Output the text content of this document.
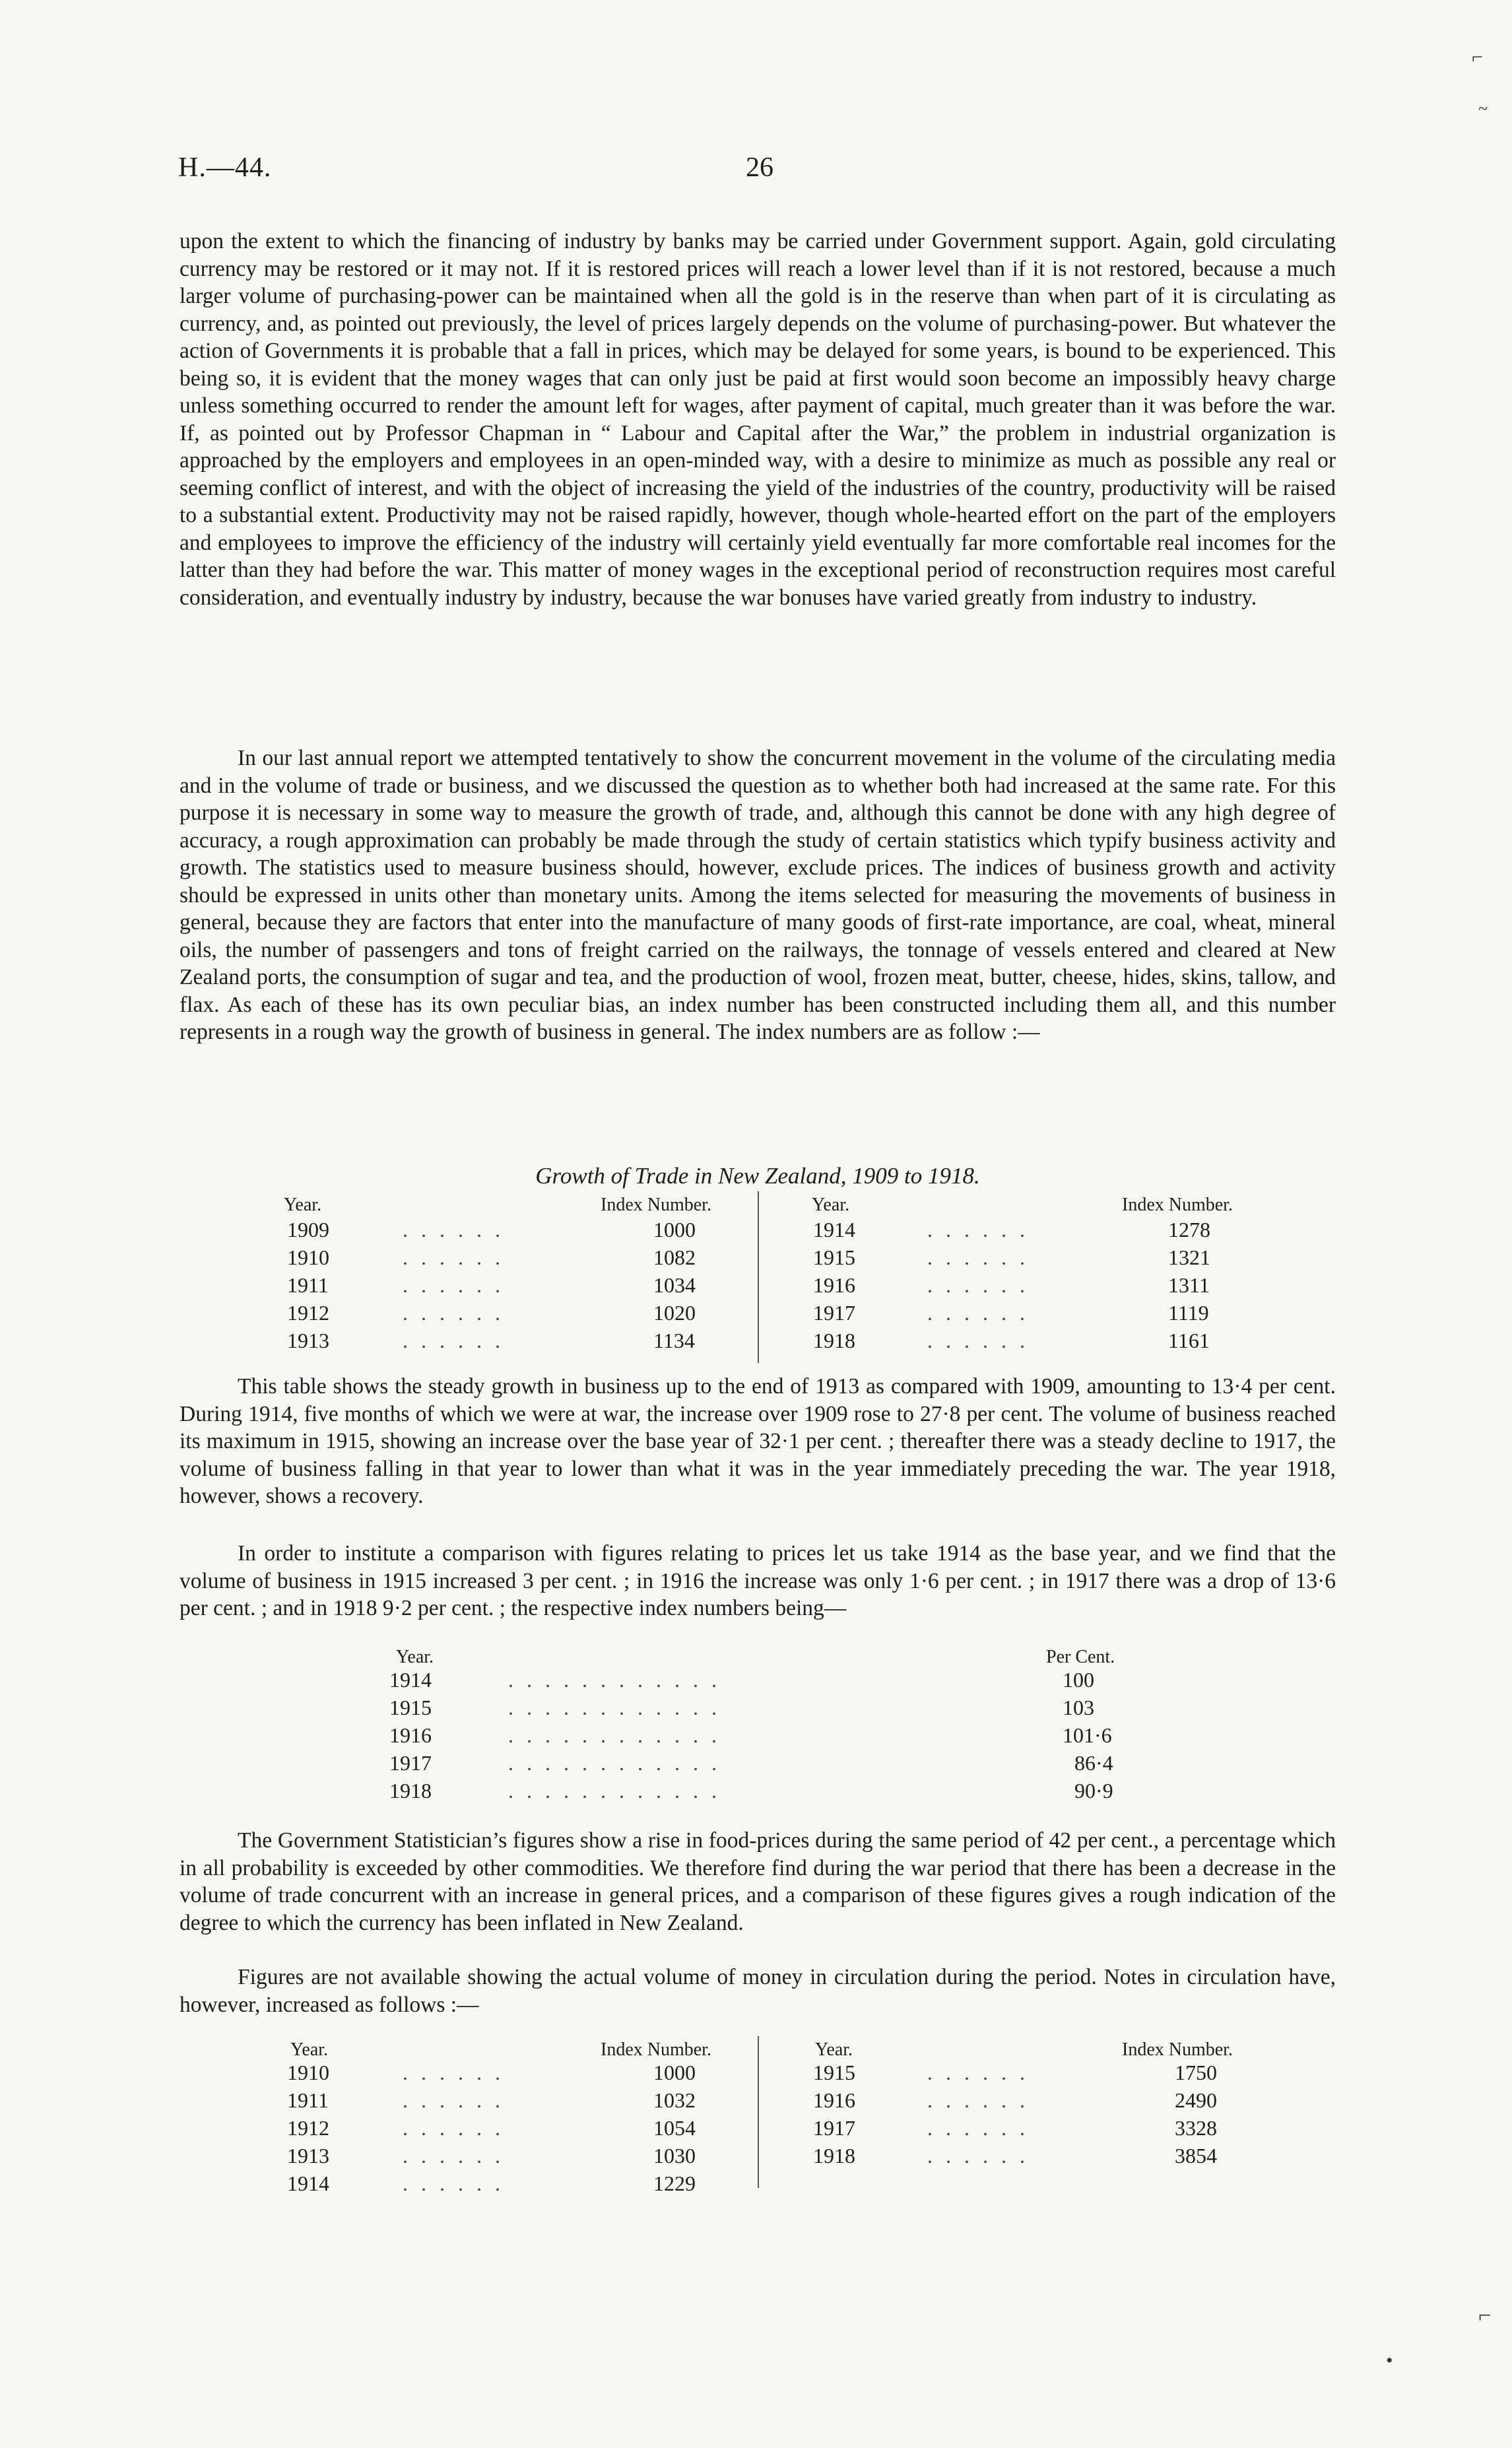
H.—44.	26

upon the extent to which the financing of industry by banks may be carried under Government support. Again, gold circulating currency may be restored or it may not. If it is restored prices will reach a lower level than if it is not restored, because a much larger volume of purchasing-power can be maintained when all the gold is in the reserve than when part of it is circulating as currency, and, as pointed out previously, the level of prices largely depends on the volume of purchasing-power. But whatever the action of Governments it is probable that a fall in prices, which may be delayed for some years, is bound to be experienced. This being so, it is evident that the money wages that can only just be paid at first would soon become an impossibly heavy charge unless something occurred to render the amount left for wages, after payment of capital, much greater than it was before the war. If, as pointed out by Professor Chapman in “ Labour and Capital after the War,” the problem in industrial organization is approached by the employers and employees in an open-minded way, with a desire to minimize as much as possible any real or seeming conflict of interest, and with the object of increasing the yield of the industries of the country, productivity will be raised to a substantial extent. Productivity may not be raised rapidly, however, though whole-hearted effort on the part of the employers and employees to improve the efficiency of the industry will certainly yield eventually far more comfortable real incomes for the latter than they had before the war. This matter of money wages in the exceptional period of reconstruction requires most careful consideration, and eventually industry by industry, because the war bonuses have varied greatly from industry to industry.

In our last annual report we attempted tentatively to show the concurrent movement in the volume of the circulating media and in the volume of trade or business, and we discussed the question as to whether both had increased at the same rate. For this purpose it is necessary in some way to measure the growth of trade, and, although this cannot be done with any high degree of accuracy, a rough approximation can probably be made through the study of certain statistics which typify business activity and growth. The statistics used to measure business should, however, exclude prices. The indices of business growth and activity should be expressed in units other than monetary units. Among the items selected for measuring the movements of business in general, because they are factors that enter into the manufacture of many goods of first-rate importance, are coal, wheat, mineral oils, the number of passengers and tons of freight carried on the railways, the tonnage of vessels entered and cleared at New Zealand ports, the consumption of sugar and tea, and the production of wool, frozen meat, butter, cheese, hides, skins, tallow, and flax. As each of these has its own peculiar bias, an index number has been constructed including them all, and this number represents in a rough way the growth of business in general. The index numbers are as follow :—

Growth of Trade in New Zealand, 1909 to 1918.
Year.	Index Number.	Year.	Index Number.
1909	. . . . . .	1000	1914	. . . . . .	1278
1910	. . . . . .	1082	1915	. . . . . .	1321
1911	. . . . . .	1034	1916	. . . . . .	1311
1912	. . . . . .	1020	1917	. . . . . .	1119
1913	. . . . . .	1134	1918	. . . . . .	1161

This table shows the steady growth in business up to the end of 1913 as compared with 1909, amounting to 13·4 per cent. During 1914, five months of which we were at war, the increase over 1909 rose to 27·8 per cent. The volume of business reached its maximum in 1915, showing an increase over the base year of 32·1 per cent. ; thereafter there was a steady decline to 1917, the volume of business falling in that year to lower than what it was in the year immediately preceding the war. The year 1918, however, shows a recovery.

In order to institute a comparison with figures relating to prices let us take 1914 as the base year, and we find that the volume of business in 1915 increased 3 per cent. ; in 1916 the increase was only 1·6 per cent. ; in 1917 there was a drop of 13·6 per cent. ; and in 1918 9·2 per cent. ; the respective index numbers being—

Year.	Per Cent.
1914	. . . . . . . . . . . .	100
1915	. . . . . . . . . . . .	103
1916	. . . . . . . . . . . .	101·6
1917	. . . . . . . . . . . .	86·4
1918	. . . . . . . . . . . .	90·9

The Government Statistician’s figures show a rise in food-prices during the same period of 42 per cent., a percentage which in all probability is exceeded by other commodities. We therefore find during the war period that there has been a decrease in the volume of trade concurrent with an increase in general prices, and a comparison of these figures gives a rough indication of the degree to which the currency has been inflated in New Zealand.

Figures are not available showing the actual volume of money in circulation during the period. Notes in circulation have, however, increased as follows :—

Year.	Index Number.	Year.	Index Number.
1910	. . . . . .	1000	1915	. . . . . .	1750
1911	. . . . . .	1032	1916	. . . . . .	2490
1912	. . . . . .	1054	1917	. . . . . .	3328
1913	. . . . . .	1030	1918	. . . . . .	3854
1914	. . . . . .	1229
⌐
~
⌐
•
